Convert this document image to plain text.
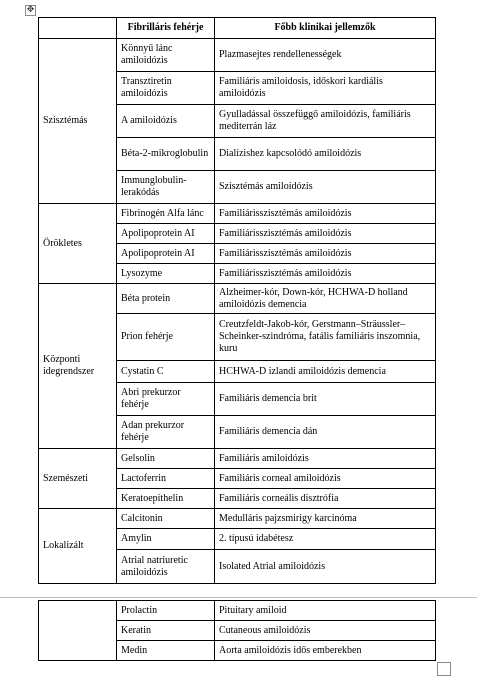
✥
	Fibrilláris fehérje	Főbb klinikai jellemzők
Szisztémás	Könnyű lánc amiloidózis	Plazmasejtes rendellenességek
	Transztiretin amiloidózis	Familiáris amiloidosis, időskori kardiális amiloidózis
	A amiloidózis	Gyulladással összefüggő amiloidózis, familiáris mediterrán láz
	Béta-2-mikroglobulin	Dialízishez kapcsolódó amiloidózis
	Immunglobulin-lerakódás	Szisztémás amiloidózis
Örökletes	Fibrinogén Alfa lánc	Familiárisszisztémás amiloidózis
	Apolipoprotein AI	Familiárisszisztémás amiloidózis
	Apolipoprotein AI	Familiárisszisztémás amiloidózis
	Lysozyme	Familiárisszisztémás amiloidózis
Központi idegrendszer	Béta protein	Alzheimer-kór, Down-kór, HCHWA-D holland amiloidózis demencia
	Prion fehérje	Creutzfeldt-Jakob-kór, Gerstmann–Sträussler–Scheinker-szindróma, fatális familiáris inszomnia, kuru
	Cystatin C	HCHWA-D izlandi amiloidózis demencia
	Abri prekurzor fehérje	Familiáris demencia brit
	Adan prekurzor fehérje	Familiáris demencia dán
Szemészeti	Gelsolin	Familiáris amiloidózis
	Lactoferrin	Familiáris corneal amiloidózis
	Keratoepithelin	Familiáris corneális disztrófia
Lokalizált	Calcitonin	Medulláris pajzsmirigy karcinóma
	Amylin	2. típusú idabétesz
	Atrial natriuretic amiloidózis	Isolated Atrial amiloidózis
	Prolactin	Pituitary amiloid
	Keratin	Cutaneous amiloidózis
	Medin	Aorta amiloidózis idős emberekben
